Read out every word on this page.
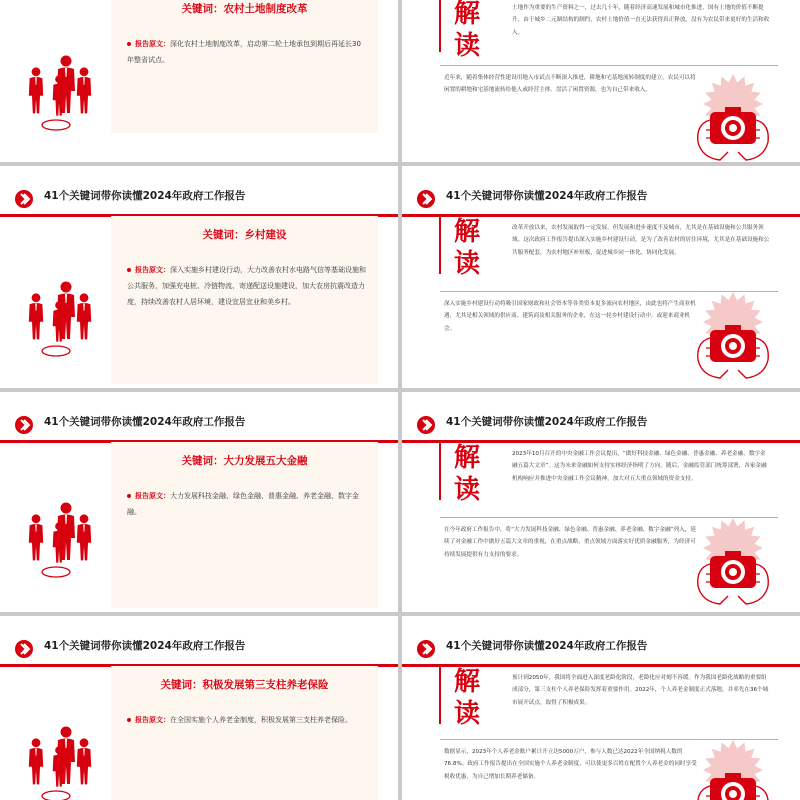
关键词：农村土地制度改革
报告原文：深化农村土地制度改革，启动第二轮土地承包到期后再延长30年整省试点。
41个关键词带你读懂2024年政府工作报告
关键词：乡村建设
报告原文：深入实施乡村建设行动，大力改善农村水电路气信等基础设施和公共服务，加强充电桩、冷链物流、寄递配送设施建设，加大农房抗震改造力度，持续改善农村人居环境，建设宜居宜业和美乡村。
41个关键词带你读懂2024年政府工作报告
关键词：大力发展五大金融
报告原文：大力发展科技金融、绿色金融、普惠金融、养老金融、数字金融。
41个关键词带你读懂2024年政府工作报告
关键词：积极发展第三支柱养老保险
报告原文：在全国实施个人养老金制度，积极发展第三支柱养老保险。
解
读
土地作为重要的生产资料之一，过去几十年，随着经济高速发展和城市化推进，国有土地的价值不断提升，由于城乡二元制结构的制约，农村土地价值一直无法获得真正释放，没有为农民带来更好的生活和收入。
近年来，随着集体经营性建设用地入市试点不断深入推进，耕地和宅基地流转制度的建立，农民可以将闲置的耕地和宅基地流转给他人或经营主体，盘活了闲置资源，也为自己带来收入。
41个关键词带你读懂2024年政府工作报告
解
读
改革开放以来，农村发展取得一定发展，但发展和进步速度不及城市，尤其是在基础设施和公共服务领域。这次政府工作报告提出深入实施乡村建设行动，是为了改善农村的居住环境，尤其是在基础设施和公共服务配套，为农村地区补短板，促进城乡同一体化、协同化发展。
深入实施乡村建设行动将吸引国家财政和社会资本等各类资本更多流向农村地区，由此也将产生商业机遇，尤其是相关领域的供应商、建筑商及相关服务的企业，在这一轮乡村建设行动中，或迎来商业机会。
41个关键词带你读懂2024年政府工作报告
解
读
2023年10月召开的中央金融工作会议提出，“做好科技金融、绿色金融、普惠金融、养老金融、数字金融五篇大文章”。这为未来金融如何支持实体经济指明了方向。随后，金融监管部门统筹部署，各家金融机构响应并推进中央金融工作会议精神，加大对五大重点领域的资金支持。
在今年政府工作报告中，将“大力发展科技金融、绿色金融、普惠金融、养老金融、数字金融”列入，延续了对金融工作中做好五篇大文章的重视，在重点战略、重点领域方面落实好优质金融服务，为经济可持续发展提供有力支持的要求。
41个关键词带你读懂2024年政府工作报告
解
读
预计到2050年，我国将全面进入深度老龄化阶段，老龄化应对刻不容缓。作为我国老龄化战略的重要组成部分，第三支柱个人养老保险发挥着重要作用。2022年，个人养老金制度正式落地，并率先在36个城市展开试点，取得了积极成果。
数据显示，2023年个人养老金账户累计开立达5000万户，参与人数已达2022年全国纳税人数的76.8%。政府工作报告提出在全国实施个人养老金制度，可以使更多百姓在配置个人养老金的同时享受税收优惠，为自己增加长期养老储备。
